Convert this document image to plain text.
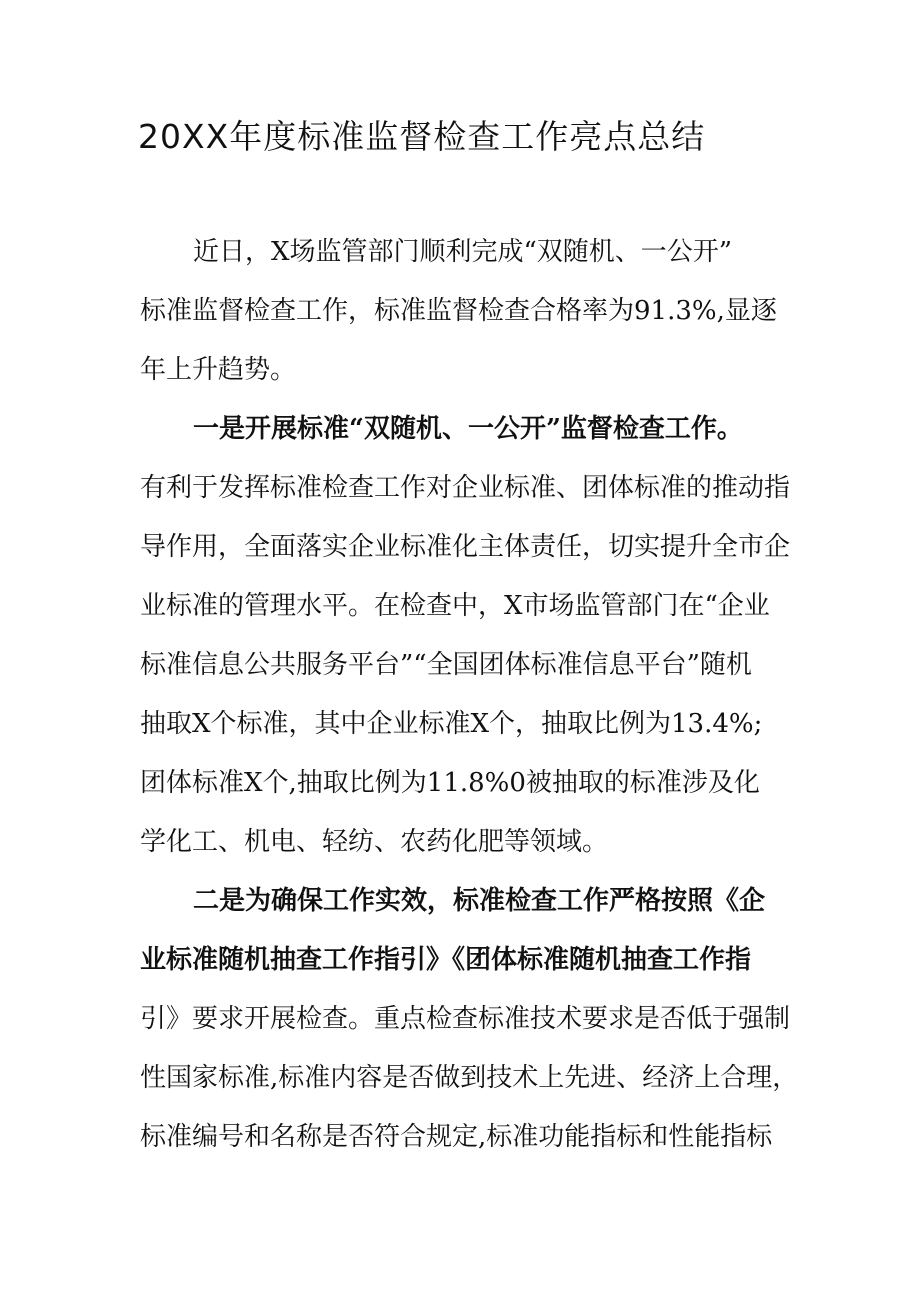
20XX年度标准监督检查工作亮点总结

近日，X场监管部门顺利完成“双随机、一公开”
标准监督检查工作，标准监督检查合格率为91.3%,显逐
年上升趋势。

一是开展标准“双随机、一公开”监督检查工作。
有利于发挥标准检查工作对企业标准、团体标准的推动指
导作用，全面落实企业标准化主体责任，切实提升全市企
业标准的管理水平。在检查中，X市场监管部门在“企业
标准信息公共服务平台”“全国团体标准信息平台”随机
抽取X个标准，其中企业标准X个，抽取比例为13.4%;
团体标准X个,抽取比例为11.8%0被抽取的标准涉及化
学化工、机电、轻纺、农药化肥等领域。

二是为确保工作实效，标准检查工作严格按照《企
业标准随机抽查工作指引》《团体标准随机抽查工作指
引》要求开展检查。重点检查标准技术要求是否低于强制
性国家标准,标准内容是否做到技术上先进、经济上合理，
标准编号和名称是否符合规定,标准功能指标和性能指标
